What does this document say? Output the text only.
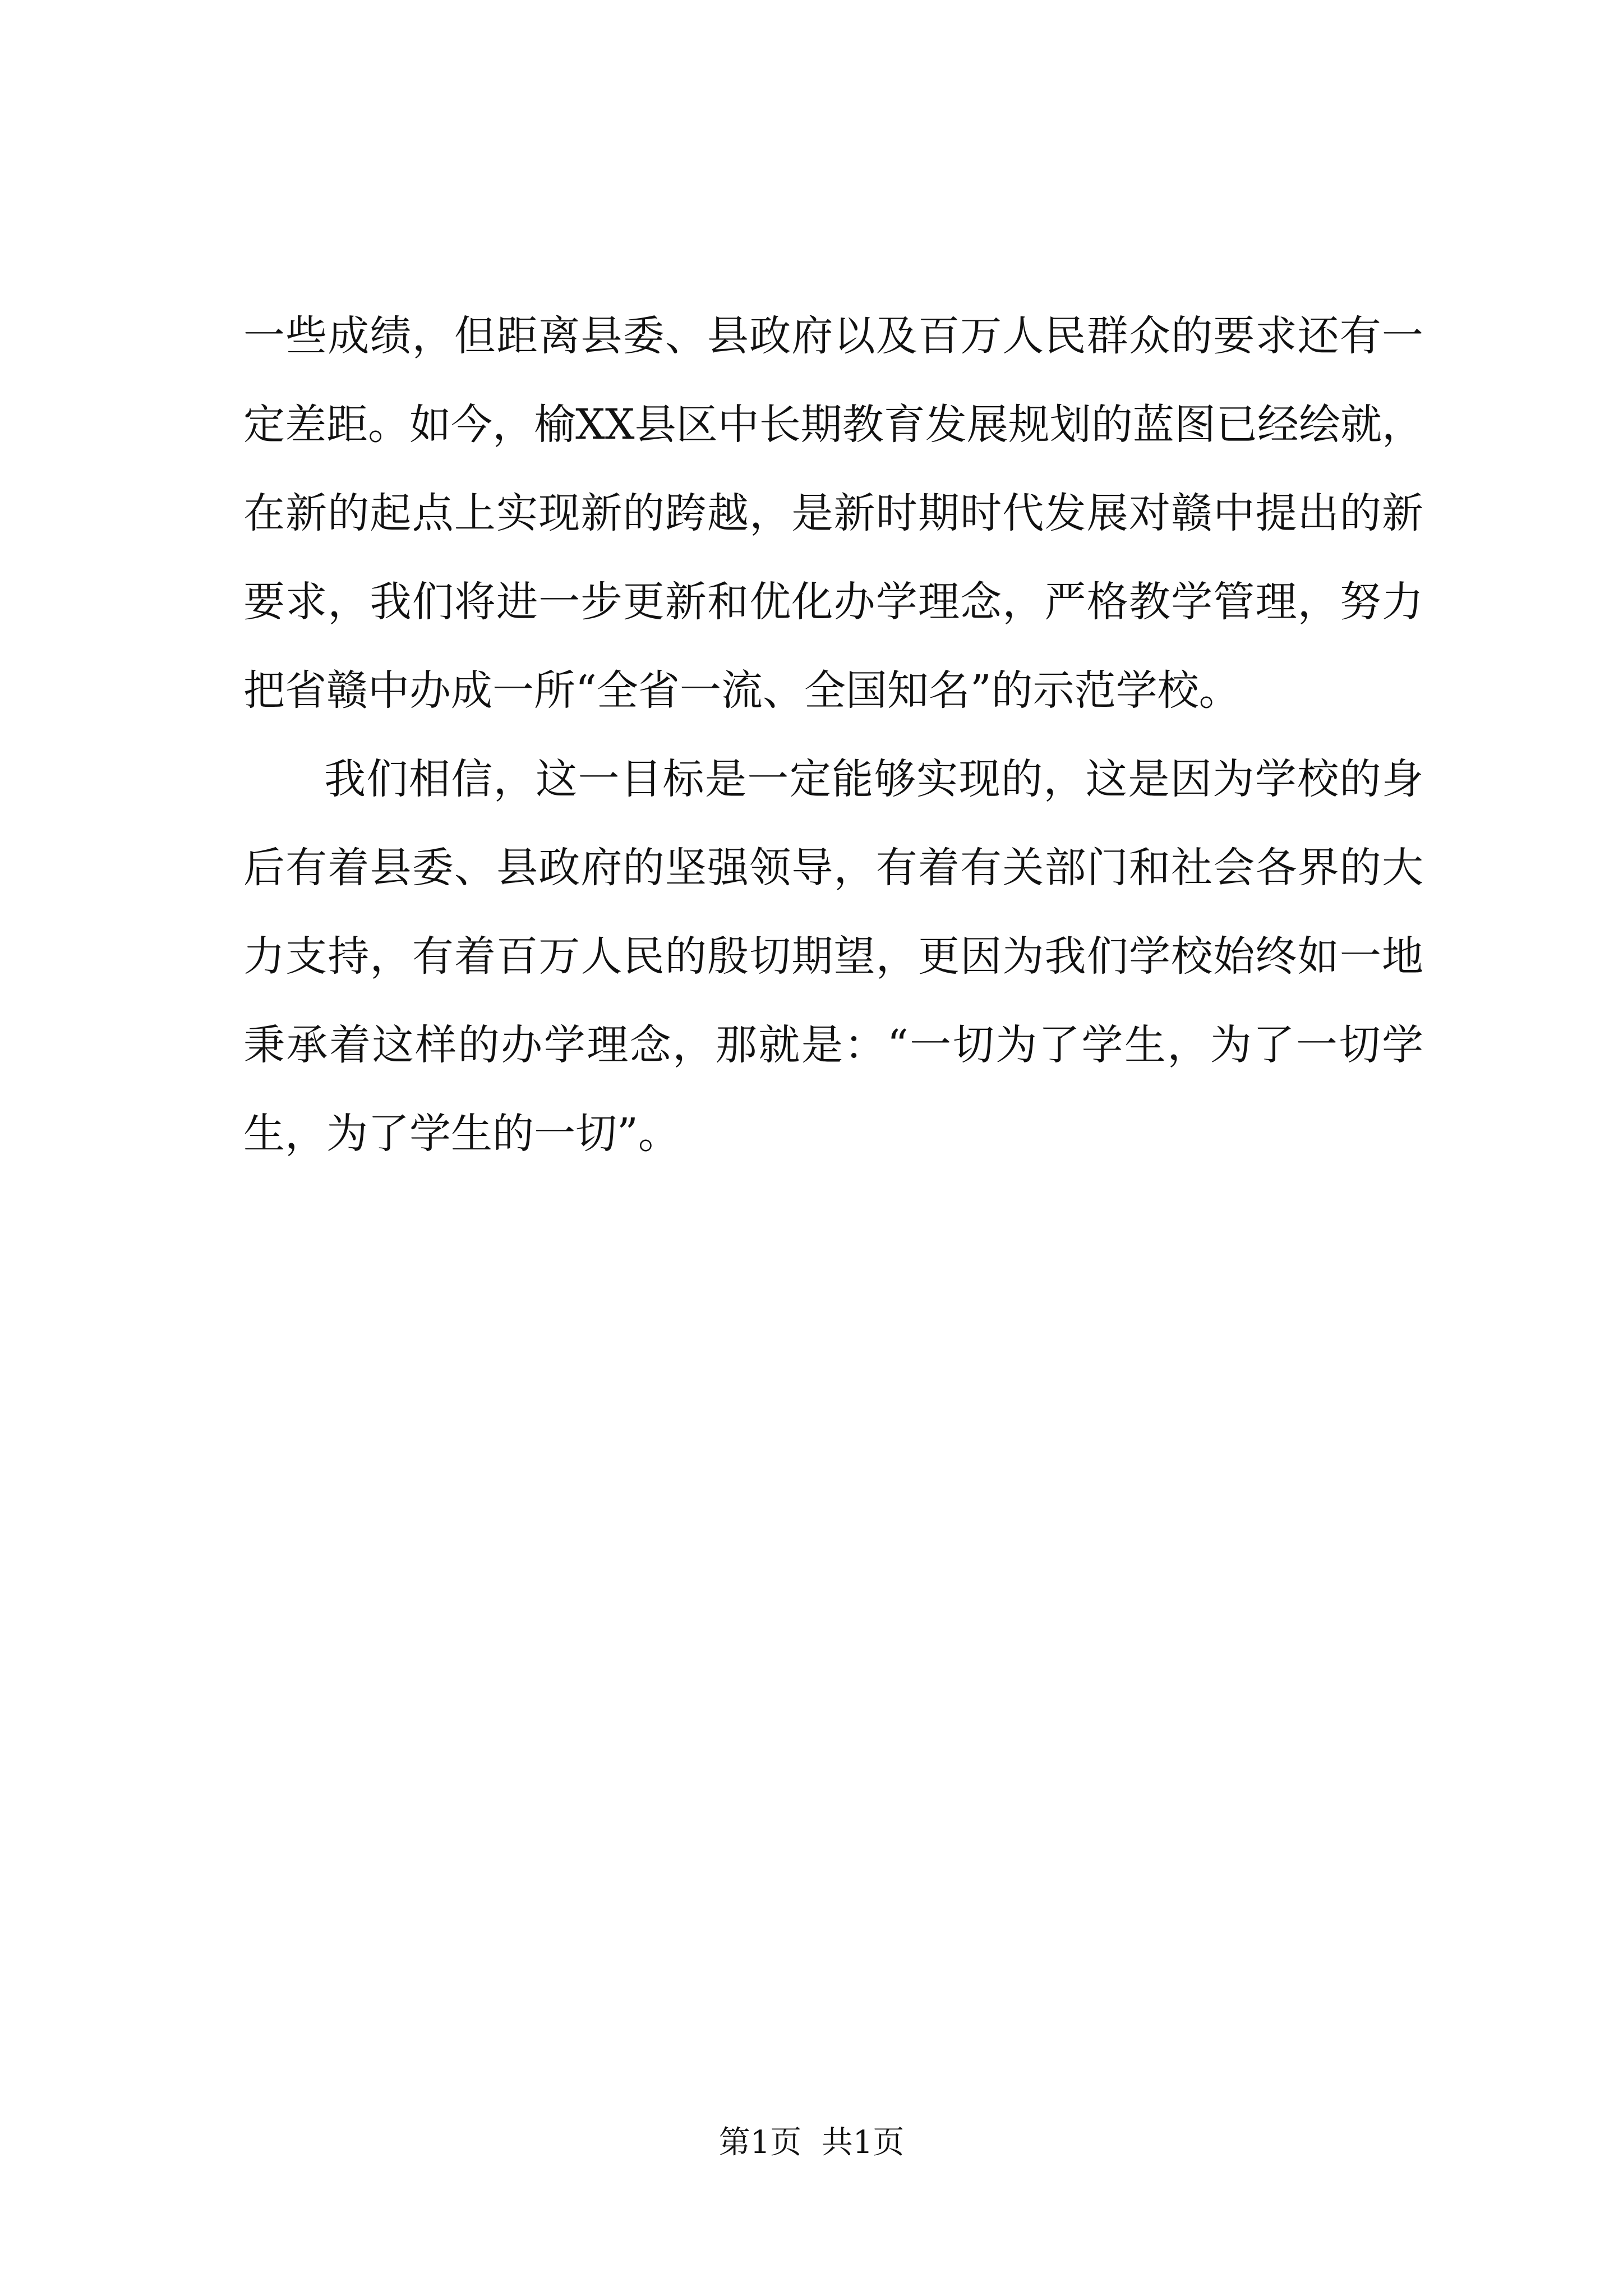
一些成绩，但距离县委、县政府以及百万人民群众的要求还有一
定差距。如今，榆XX县区中长期教育发展规划的蓝图已经绘就，
在新的起点上实现新的跨越，是新时期时代发展对赣中提出的新
要求，我们将进一步更新和优化办学理念，严格教学管理，努力
把省赣中办成一所“全省一流、全国知名”的示范学校。
我们相信，这一目标是一定能够实现的，这是因为学校的身
后有着县委、县政府的坚强领导，有着有关部门和社会各界的大
力支持，有着百万人民的殷切期望，更因为我们学校始终如一地
秉承着这样的办学理念，那就是：“一切为了学生，为了一切学
生，为了学生的一切”。
第1页  共1页
